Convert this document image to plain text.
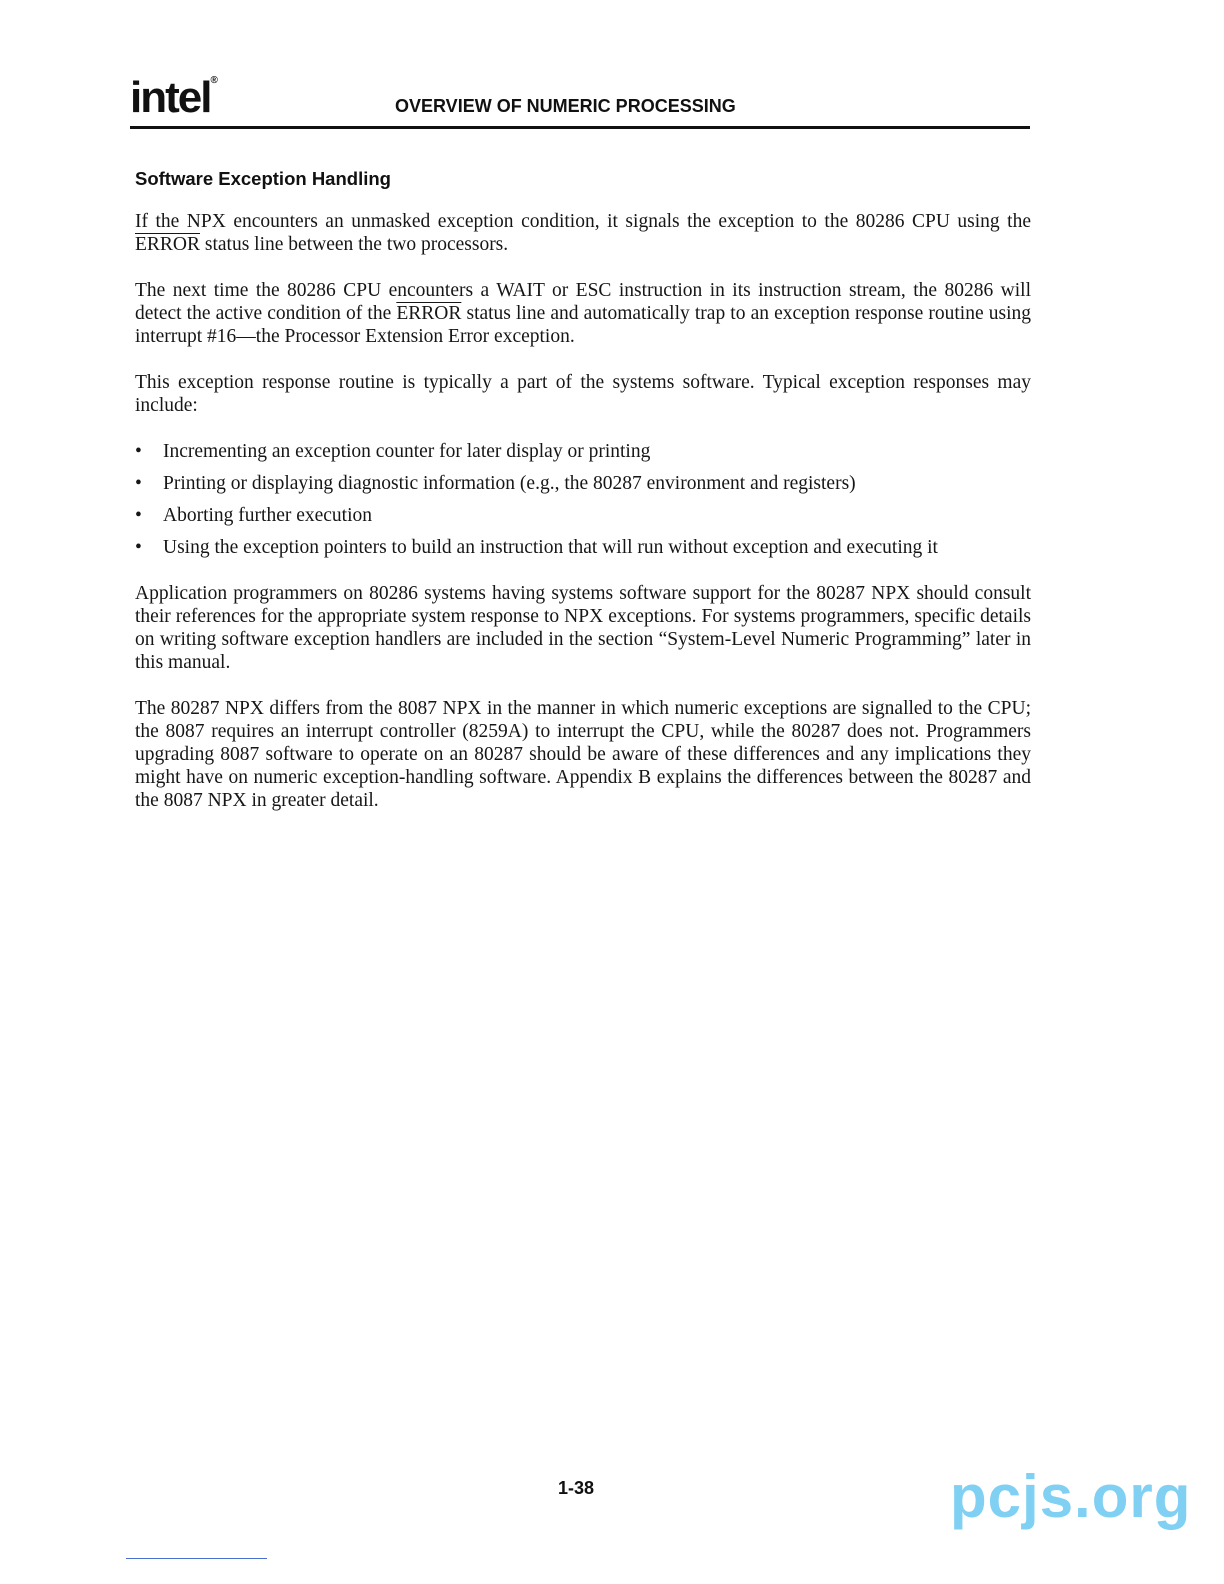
intel®
OVERVIEW OF NUMERIC PROCESSING
Software Exception Handling

If the NPX encounters an unmasked exception condition, it signals the exception to the 80286 CPU using the ERROR status line between the two processors.

The next time the 80286 CPU encounters a WAIT or ESC instruction in its instruction stream, the 80286 will detect the active condition of the ERROR status line and automatically trap to an exception response routine using interrupt #16—the Processor Extension Error exception.

This exception response routine is typically a part of the systems software. Typical exception responses may include:

• Incrementing an exception counter for later display or printing
• Printing or displaying diagnostic information (e.g., the 80287 environment and registers)
• Aborting further execution
• Using the exception pointers to build an instruction that will run without exception and executing it

Application programmers on 80286 systems having systems software support for the 80287 NPX should consult their references for the appropriate system response to NPX exceptions. For systems programmers, specific details on writing software exception handlers are included in the section “System-Level Numeric Programming” later in this manual.

The 80287 NPX differs from the 8087 NPX in the manner in which numeric exceptions are signalled to the CPU; the 8087 requires an interrupt controller (8259A) to interrupt the CPU, while the 80287 does not. Programmers upgrading 8087 software to operate on an 80287 should be aware of these differences and any implications they might have on numeric exception-handling software. Appendix B explains the differences between the 80287 and the 8087 NPX in greater detail.

1-38	pcjs.org
